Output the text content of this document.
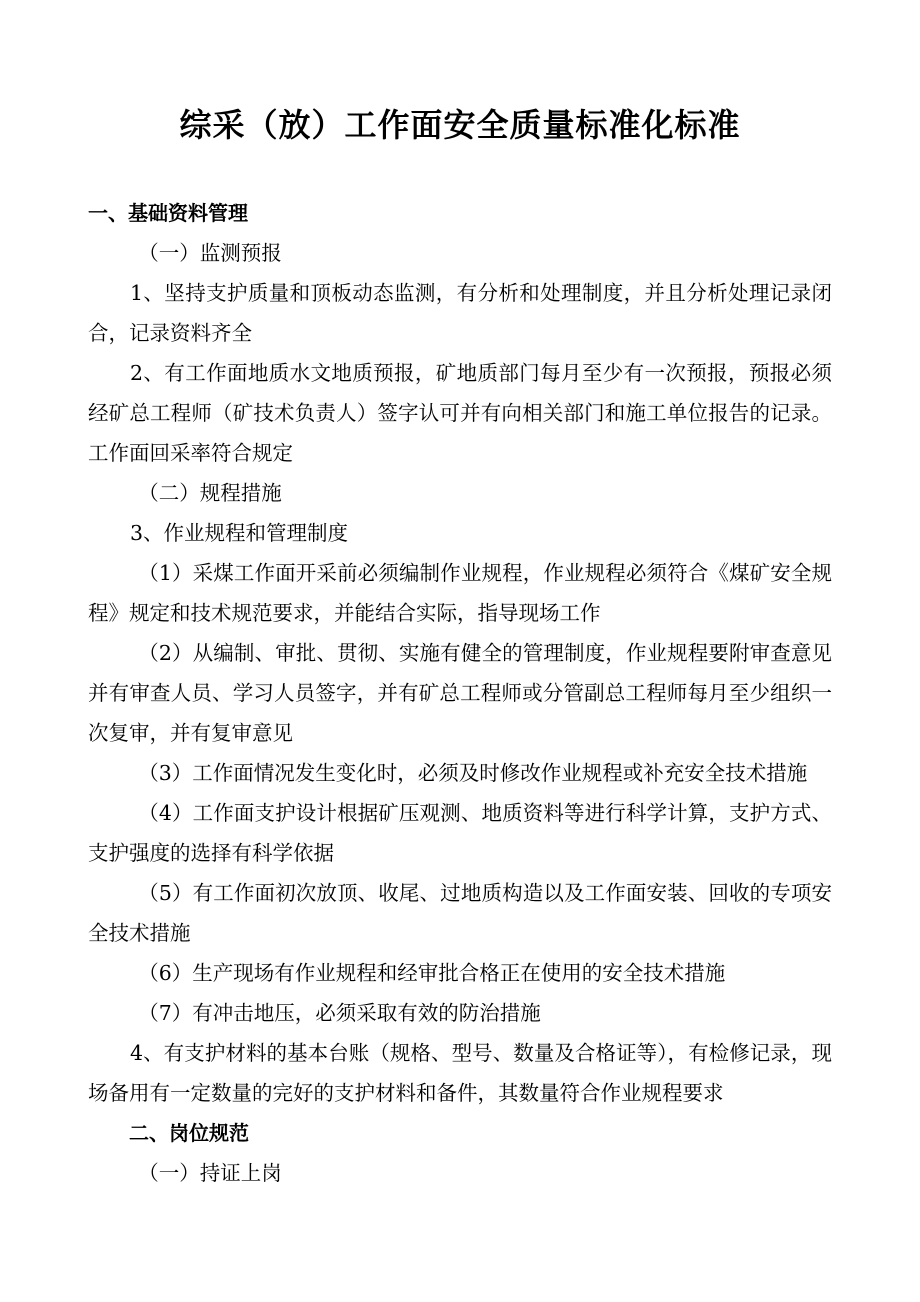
综采（放）工作面安全质量标准化标准

一、基础资料管理

（一）监测预报

1、坚持支护质量和顶板动态监测，有分析和处理制度，并且分析处理记录闭合，记录资料齐全

2、有工作面地质水文地质预报，矿地质部门每月至少有一次预报，预报必须经矿总工程师（矿技术负责人）签字认可并有向相关部门和施工单位报告的记录。工作面回采率符合规定

（二）规程措施

3、作业规程和管理制度

（1）采煤工作面开采前必须编制作业规程，作业规程必须符合《煤矿安全规程》规定和技术规范要求，并能结合实际，指导现场工作

（2）从编制、审批、贯彻、实施有健全的管理制度，作业规程要附审查意见并有审查人员、学习人员签字，并有矿总工程师或分管副总工程师每月至少组织一次复审，并有复审意见

（3）工作面情况发生变化时，必须及时修改作业规程或补充安全技术措施

（4）工作面支护设计根据矿压观测、地质资料等进行科学计算，支护方式、支护强度的选择有科学依据

（5）有工作面初次放顶、收尾、过地质构造以及工作面安装、回收的专项安全技术措施

（6）生产现场有作业规程和经审批合格正在使用的安全技术措施

（7）有冲击地压，必须采取有效的防治措施

4、有支护材料的基本台账（规格、型号、数量及合格证等），有检修记录，现场备用有一定数量的完好的支护材料和备件，其数量符合作业规程要求

二、岗位规范

（一）持证上岗
